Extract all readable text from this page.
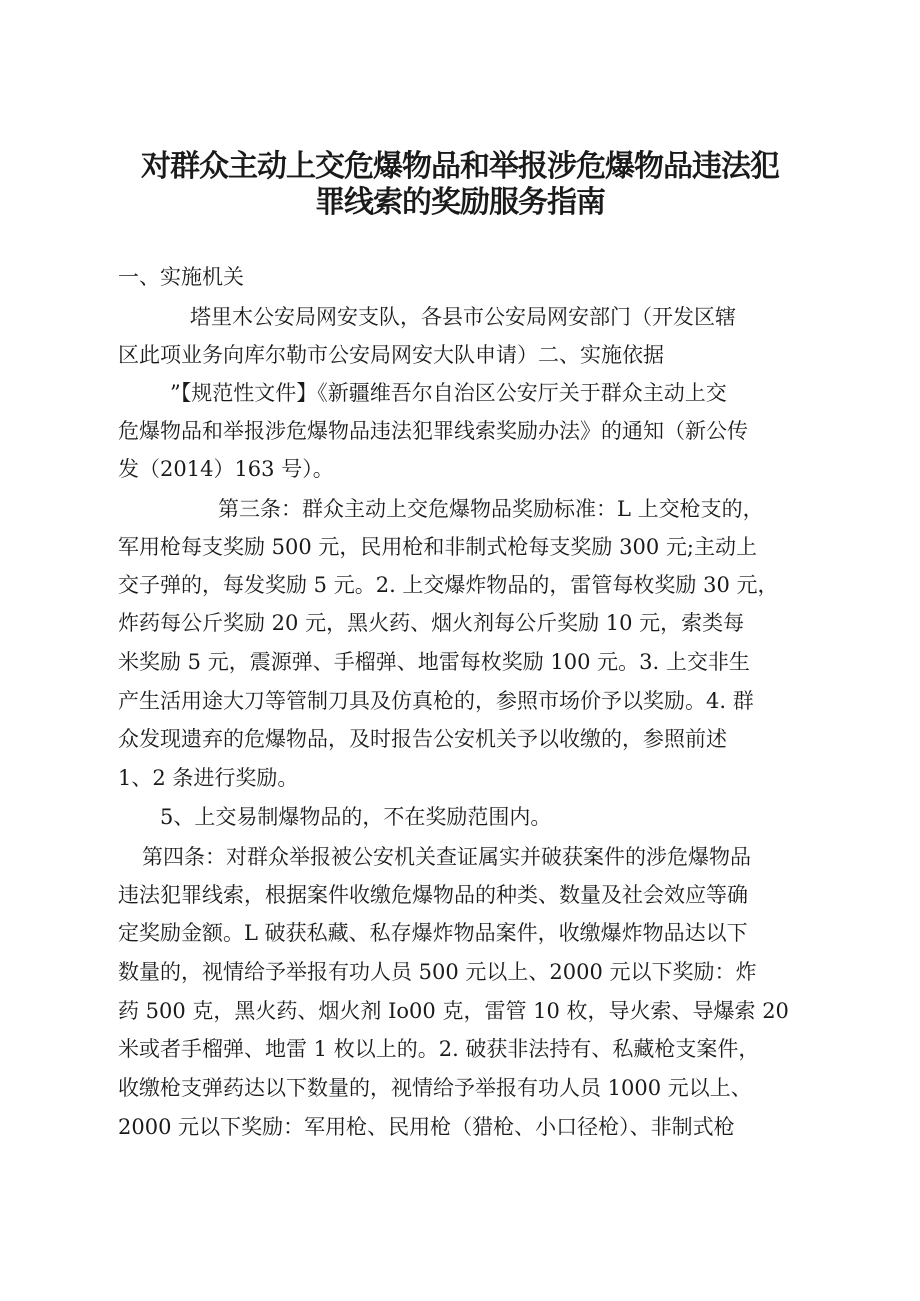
对群众主动上交危爆物品和举报涉危爆物品违法犯
罪线索的奖励服务指南

一、实施机关

塔里木公安局网安支队，各县市公安局网安部门（开发区辖

区此项业务向库尔勒市公安局网安大队申请）二、实施依据

”【规范性文件】《新疆维吾尔自治区公安厅关于群众主动上交

危爆物品和举报涉危爆物品违法犯罪线索奖励办法》的通知（新公传

发（2014）163 号）。

第三条：群众主动上交危爆物品奖励标准：L 上交枪支的，

军用枪每支奖励 500 元，民用枪和非制式枪每支奖励 300 元;主动上

交子弹的，每发奖励 5 元。2. 上交爆炸物品的，雷管每枚奖励 30 元，

炸药每公斤奖励 20 元，黑火药、烟火剂每公斤奖励 10 元，索类每

米奖励 5 元，震源弹、手榴弹、地雷每枚奖励 100 元。3. 上交非生

产生活用途大刀等管制刀具及仿真枪的，参照市场价予以奖励。4. 群

众发现遗弃的危爆物品，及时报告公安机关予以收缴的，参照前述

1、2 条进行奖励。

5、上交易制爆物品的，不在奖励范围内。

第四条：对群众举报被公安机关查证属实并破获案件的涉危爆物品

违法犯罪线索，根据案件收缴危爆物品的种类、数量及社会效应等确

定奖励金额。L 破获私藏、私存爆炸物品案件，收缴爆炸物品达以下

数量的，视情给予举报有功人员 500 元以上、2000 元以下奖励：炸

药 500 克，黑火药、烟火剂 Io00 克，雷管 10 枚，导火索、导爆索 20

米或者手榴弹、地雷 1 枚以上的。2. 破获非法持有、私藏枪支案件，

收缴枪支弹药达以下数量的，视情给予举报有功人员 1000 元以上、

2000 元以下奖励：军用枪、民用枪（猎枪、小口径枪）、非制式枪
